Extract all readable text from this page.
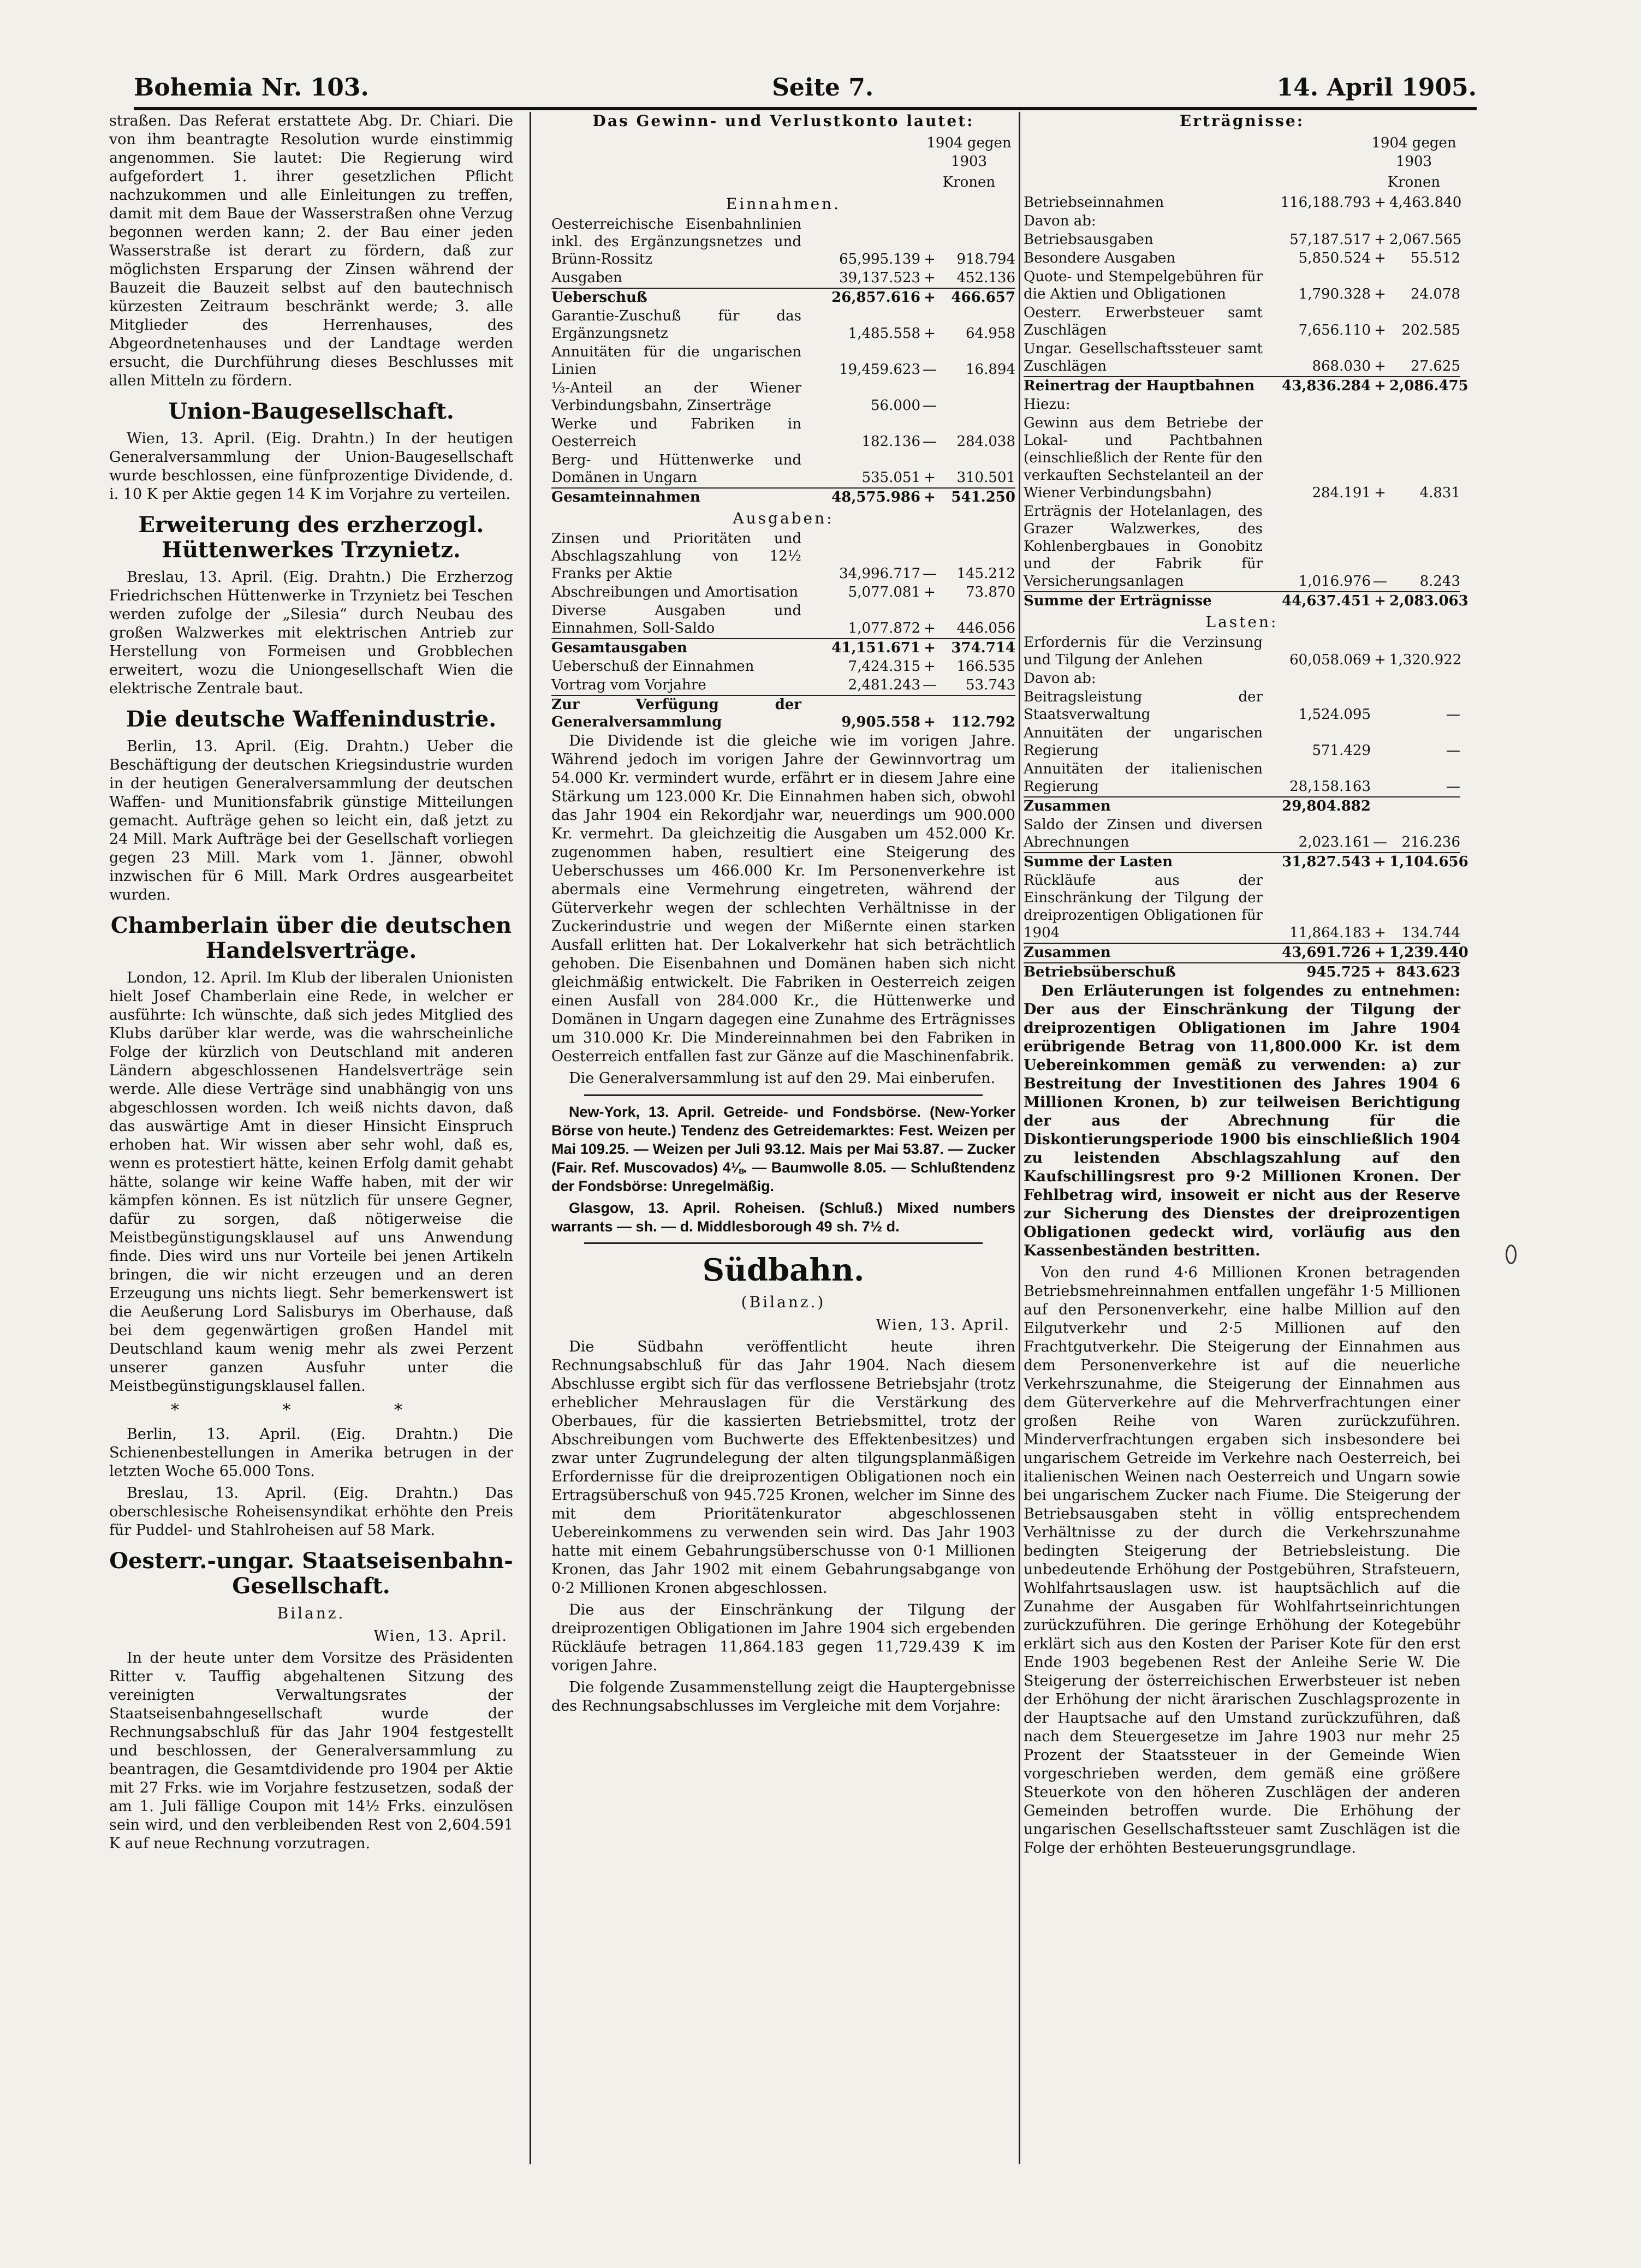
Bohemia Nr. 103.	Seite 7.	14. April 1905.

straßen. Das Referat erstattete Abg. Dr. Chiari. Die von ihm beantragte Resolution wurde einstimmig angenommen. Sie lautet: Die Regierung wird aufgefordert 1. ihrer gesetzlichen Pflicht nachzukommen und alle Einleitungen zu treffen, damit mit dem Baue der Wasserstraßen ohne Verzug begonnen werden kann; 2. der Bau einer jeden Wasserstraße ist derart zu fördern, daß zur möglichsten Ersparung der Zinsen während der Bauzeit die Bauzeit selbst auf den bautechnisch kürzesten Zeitraum beschränkt werde; 3. alle Mitglieder des Herrenhauses, des Abgeordnetenhauses und der Landtage werden ersucht, die Durchführung dieses Beschlusses mit allen Mitteln zu fördern.

Union-Baugesellschaft.

Wien, 13. April. (Eig. Drahtn.) In der heutigen Generalversammlung der Union-Baugesellschaft wurde beschlossen, eine fünfprozentige Dividende, d. i. 10 K per Aktie gegen 14 K im Vorjahre zu verteilen.

Erweiterung des erzherzogl. Hüttenwerkes Trzynietz.

Breslau, 13. April. (Eig. Drahtn.) Die Erzherzog Friedrichschen Hüttenwerke in Trzynietz bei Teschen werden zufolge der „Silesia“ durch Neubau des großen Walzwerkes mit elektrischen Antrieb zur Herstellung von Formeisen und Grobblechen erweitert, wozu die Uniongesellschaft Wien die elektrische Zentrale baut.

Die deutsche Waffenindustrie.

Berlin, 13. April. (Eig. Drahtn.) Ueber die Beschäftigung der deutschen Kriegsindustrie wurden in der heutigen Generalversammlung der deutschen Waffen- und Munitionsfabrik günstige Mitteilungen gemacht. Aufträge gehen so leicht ein, daß jetzt zu 24 Mill. Mark Aufträge bei der Gesellschaft vorliegen gegen 23 Mill. Mark vom 1. Jänner, obwohl inzwischen für 6 Mill. Mark Ordres ausgearbeitet wurden.

Chamberlain über die deutschen Handelsverträge.

London, 12. April. Im Klub der liberalen Unionisten hielt Josef Chamberlain eine Rede, in welcher er ausführte: Ich wünschte, daß sich jedes Mitglied des Klubs darüber klar werde, was die wahrscheinliche Folge der kürzlich von Deutschland mit anderen Ländern abgeschlossenen Handelsverträge sein werde. Alle diese Verträge sind unabhängig von uns abgeschlossen worden. Ich weiß nichts davon, daß das auswärtige Amt in dieser Hinsicht Einspruch erhoben hat. Wir wissen aber sehr wohl, daß es, wenn es protestiert hätte, keinen Erfolg damit gehabt hätte, solange wir keine Waffe haben, mit der wir kämpfen können. Es ist nützlich für unsere Gegner, dafür zu sorgen, daß nötigerweise die Meistbegünstigungsklausel auf uns Anwendung finde. Dies wird uns nur Vorteile bei jenen Artikeln bringen, die wir nicht erzeugen und an deren Erzeugung uns nichts liegt. Sehr bemerkenswert ist die Aeußerung Lord Salisburys im Oberhause, daß bei dem gegenwärtigen großen Handel mit Deutschland kaum wenig mehr als zwei Perzent unserer ganzen Ausfuhr unter die Meistbegünstigungsklausel fallen.

* * *

Berlin, 13. April. (Eig. Drahtn.) Die Schienenbestellungen in Amerika betrugen in der letzten Woche 65.000 Tons.

Breslau, 13. April. (Eig. Drahtn.) Das oberschlesische Roheisensyndikat erhöhte den Preis für Puddel- und Stahlroheisen auf 58 Mark.

Oesterr.-ungar. Staatseisenbahn-Gesellschaft.
Bilanz.
Wien, 13. April.

In der heute unter dem Vorsitze des Präsidenten Ritter v. Tauffig abgehaltenen Sitzung des vereinigten Verwaltungsrates der Staatseisenbahngesellschaft wurde der Rechnungsabschluß für das Jahr 1904 festgestellt und beschlossen, der Generalversammlung zu beantragen, die Gesamtdividende pro 1904 per Aktie mit 27 Frks. wie im Vorjahre festzusetzen, sodaß der am 1. Juli fällige Coupon mit 14½ Frks. einzulösen sein wird, und den verbleibenden Rest von 2,604.591 K auf neue Rechnung vorzutragen.

Das Gewinn- und Verlustkonto lautet:
1904 gegen 1903
Kronen
Einnahmen.
Oesterreichische Eisenbahnlinien inkl. des Ergänzungsnetzes und Brünn-Rossitz	65,995.139 +	918.794
Ausgaben	39,137.523 +	452.136
Ueberschuß	26,857.616 +	466.657
Garantie-Zuschuß für das Ergänzungsnetz	1,485.558 +	64.958
Annuitäten für die ungarischen Linien	19,459.623 —	16.894
⅓-Anteil an der Wiener Verbindungsbahn, Zinserträge	56.000 —
Werke und Fabriken in Oesterreich	182.136 —	284.038
Berg- und Hüttenwerke und Domänen in Ungarn	535.051 +	310.501
Gesamteinnahmen	48,575.986 +	541.250
Ausgaben:
Zinsen und Prioritäten und Abschlagszahlung von 12½ Franks per Aktie	34,996.717 —	145.212
Abschreibungen und Amortisation	5,077.081 +	73.870
Diverse Ausgaben und Einnahmen, Soll-Saldo	1,077.872 +	446.056
Gesamtausgaben	41,151.671 +	374.714
Ueberschuß der Einnahmen	7,424.315 +	166.535
Vortrag vom Vorjahre	2,481.243 —	53.743
Zur Verfügung der Generalversammlung	9,905.558 +	112.792

Die Dividende ist die gleiche wie im vorigen Jahre. Während jedoch im vorigen Jahre der Gewinnvortrag um 54.000 Kr. vermindert wurde, erfährt er in diesem Jahre eine Stärkung um 123.000 Kr. Die Einnahmen haben sich, obwohl das Jahr 1904 ein Rekordjahr war, neuerdings um 900.000 Kr. vermehrt. Da gleichzeitig die Ausgaben um 452.000 Kr. zugenommen haben, resultiert eine Steigerung des Ueberschusses um 466.000 Kr. Im Personenverkehre ist abermals eine Vermehrung eingetreten, während der Güterverkehr wegen der schlechten Verhältnisse in der Zuckerindustrie und wegen der Mißernte einen starken Ausfall erlitten hat. Der Lokalverkehr hat sich beträchtlich gehoben. Die Eisenbahnen und Domänen haben sich nicht gleichmäßig entwickelt. Die Fabriken in Oesterreich zeigen einen Ausfall von 284.000 Kr., die Hüttenwerke und Domänen in Ungarn dagegen eine Zunahme des Erträgnisses um 310.000 Kr. Die Mindereinnahmen bei den Fabriken in Oesterreich entfallen fast zur Gänze auf die Maschinenfabrik.

Die Generalversammlung ist auf den 29. Mai einberufen.

New-York, 13. April. Getreide- und Fondsbörse. (New-Yorker Börse von heute.) Tendenz des Getreidemarktes: Fest. Weizen per Mai 109.25. — Weizen per Juli 93.12. Mais per Mai 53.87. — Zucker (Fair. Ref. Muscovados) 4⅛. — Baumwolle 8.05. — Schlußtendenz der Fondsbörse: Unregelmäßig.

Glasgow, 13. April. Roheisen. (Schluß.) Mixed numbers warrants — sh. — d. Middlesborough 49 sh. 7½ d.

Südbahn.
(Bilanz.)
Wien, 13. April.

Die Südbahn veröffentlicht heute ihren Rechnungsabschluß für das Jahr 1904. Nach diesem Abschlusse ergibt sich für das verflossene Betriebsjahr (trotz erheblicher Mehrauslagen für die Verstärkung des Oberbaues, für die kassierten Betriebsmittel, trotz der Abschreibungen vom Buchwerte des Effektenbesitzes) und zwar unter Zugrundelegung der alten tilgungsplanmäßigen Erfordernisse für die dreiprozentigen Obligationen noch ein Ertragsüberschuß von 945.725 Kronen, welcher im Sinne des mit dem Prioritätenkurator abgeschlossenen Uebereinkommens zu verwenden sein wird. Das Jahr 1903 hatte mit einem Gebahrungsüberschusse von 0·1 Millionen Kronen, das Jahr 1902 mit einem Gebahrungsabgange von 0·2 Millionen Kronen abgeschlossen.

Die aus der Einschränkung der Tilgung der dreiprozentigen Obligationen im Jahre 1904 sich ergebenden Rückläufe betragen 11,864.183 gegen 11,729.439 K im vorigen Jahre.

Die folgende Zusammenstellung zeigt die Hauptergebnisse des Rechnungsabschlusses im Vergleiche mit dem Vorjahre:

Erträgnisse:
1904 gegen 1903
Kronen
Betriebseinnahmen	116,188.793 + 4,463.840
Davon ab:
Betriebsausgaben	57,187.517 + 2,067.565
Besondere Ausgaben	5,850.524 +	55.512
Quote- und Stempelgebühren für die Aktien und Obligationen	1,790.328 +	24.078
Oesterr. Erwerbsteuer samt Zuschlägen	7,656.110 +	202.585
Ungar. Gesellschaftssteuer samt Zuschlägen	868.030 +	27.625
Reinertrag der Hauptbahnen	43,836.284 + 2,086.475
Hiezu:
Gewinn aus dem Betriebe der Lokal- und Pachtbahnen (einschließlich der Rente für den verkauften Sechstelanteil an der Wiener Verbindungsbahn)	284.191 +	4.831
Erträgnis der Hotelanlagen, des Grazer Walzwerkes, des Kohlenbergbaues in Gonobitz und der Fabrik für Versicherungsanlagen	1,016.976 —	8.243
Summe der Erträgnisse	44,637.451 + 2,083.063
Lasten:
Erfordernis für die Verzinsung und Tilgung der Anlehen	60,058.069 + 1,320.922
Davon ab:
Beitragsleistung der Staatsverwaltung	1,524.095	—
Annuitäten der ungarischen Regierung	571.429	—
Annuitäten der italienischen Regierung	28,158.163	—
Zusammen	29,804.882
Saldo der Zinsen und diversen Abrechnungen	2,023.161 —	216.236
Summe der Lasten	31,827.543 + 1,104.656
Rückläufe aus der Einschränkung der Tilgung der dreiprozentigen Obligationen für 1904	11,864.183 +	134.744
Zusammen	43,691.726 + 1,239.440
Betriebsüberschuß	945.725 + 843.623

Den Erläuterungen ist folgendes zu entnehmen: Der aus der Einschränkung der Tilgung der dreiprozentigen Obligationen im Jahre 1904 erübrigende Betrag von 11,800.000 Kr. ist dem Uebereinkommen gemäß zu verwenden: a) zur Bestreitung der Investitionen des Jahres 1904 6 Millionen Kronen, b) zur teilweisen Berichtigung der aus der Abrechnung für die Diskontierungsperiode 1900 bis einschließlich 1904 zu leistenden Abschlagszahlung auf den Kaufschillingsrest pro 9·2 Millionen Kronen. Der Fehlbetrag wird, insoweit er nicht aus der Reserve zur Sicherung des Dienstes der dreiprozentigen Obligationen gedeckt wird, vorläufig aus den Kassenbeständen bestritten.

Von den rund 4·6 Millionen Kronen betragenden Betriebsmehreinnahmen entfallen ungefähr 1·5 Millionen auf den Personenverkehr, eine halbe Million auf den Eilgutverkehr und 2·5 Millionen auf den Frachtgutverkehr. Die Steigerung der Einnahmen aus dem Personenverkehre ist auf die neuerliche Verkehrszunahme, die Steigerung der Einnahmen aus dem Güterverkehre auf die Mehrverfrachtungen einer großen Reihe von Waren zurückzuführen. Minderverfrachtungen ergaben sich insbesondere bei ungarischem Getreide im Verkehre nach Oesterreich, bei italienischen Weinen nach Oesterreich und Ungarn sowie bei ungarischem Zucker nach Fiume. Die Steigerung der Betriebsausgaben steht in völlig entsprechendem Verhältnisse zu der durch die Verkehrszunahme bedingten Steigerung der Betriebsleistung. Die unbedeutende Erhöhung der Postgebühren, Strafsteuern, Wohlfahrtsauslagen usw. ist hauptsächlich auf die Zunahme der Ausgaben für Wohlfahrtseinrichtungen zurückzuführen. Die geringe Erhöhung der Kotegebühr erklärt sich aus den Kosten der Pariser Kote für den erst Ende 1903 begebenen Rest der Anleihe Serie W. Die Steigerung der österreichischen Erwerbsteuer ist neben der Erhöhung der nicht ärarischen Zuschlagsprozente in der Hauptsache auf den Umstand zurückzuführen, daß nach dem Steuergesetze im Jahre 1903 nur mehr 25 Prozent der Staatssteuer in der Gemeinde Wien vorgeschrieben werden, dem gemäß eine größere Steuerkote von den höheren Zuschlägen der anderen Gemeinden betroffen wurde. Die Erhöhung der ungarischen Gesellschaftssteuer samt Zuschlägen ist die Folge der erhöhten Besteuerungsgrundlage.
